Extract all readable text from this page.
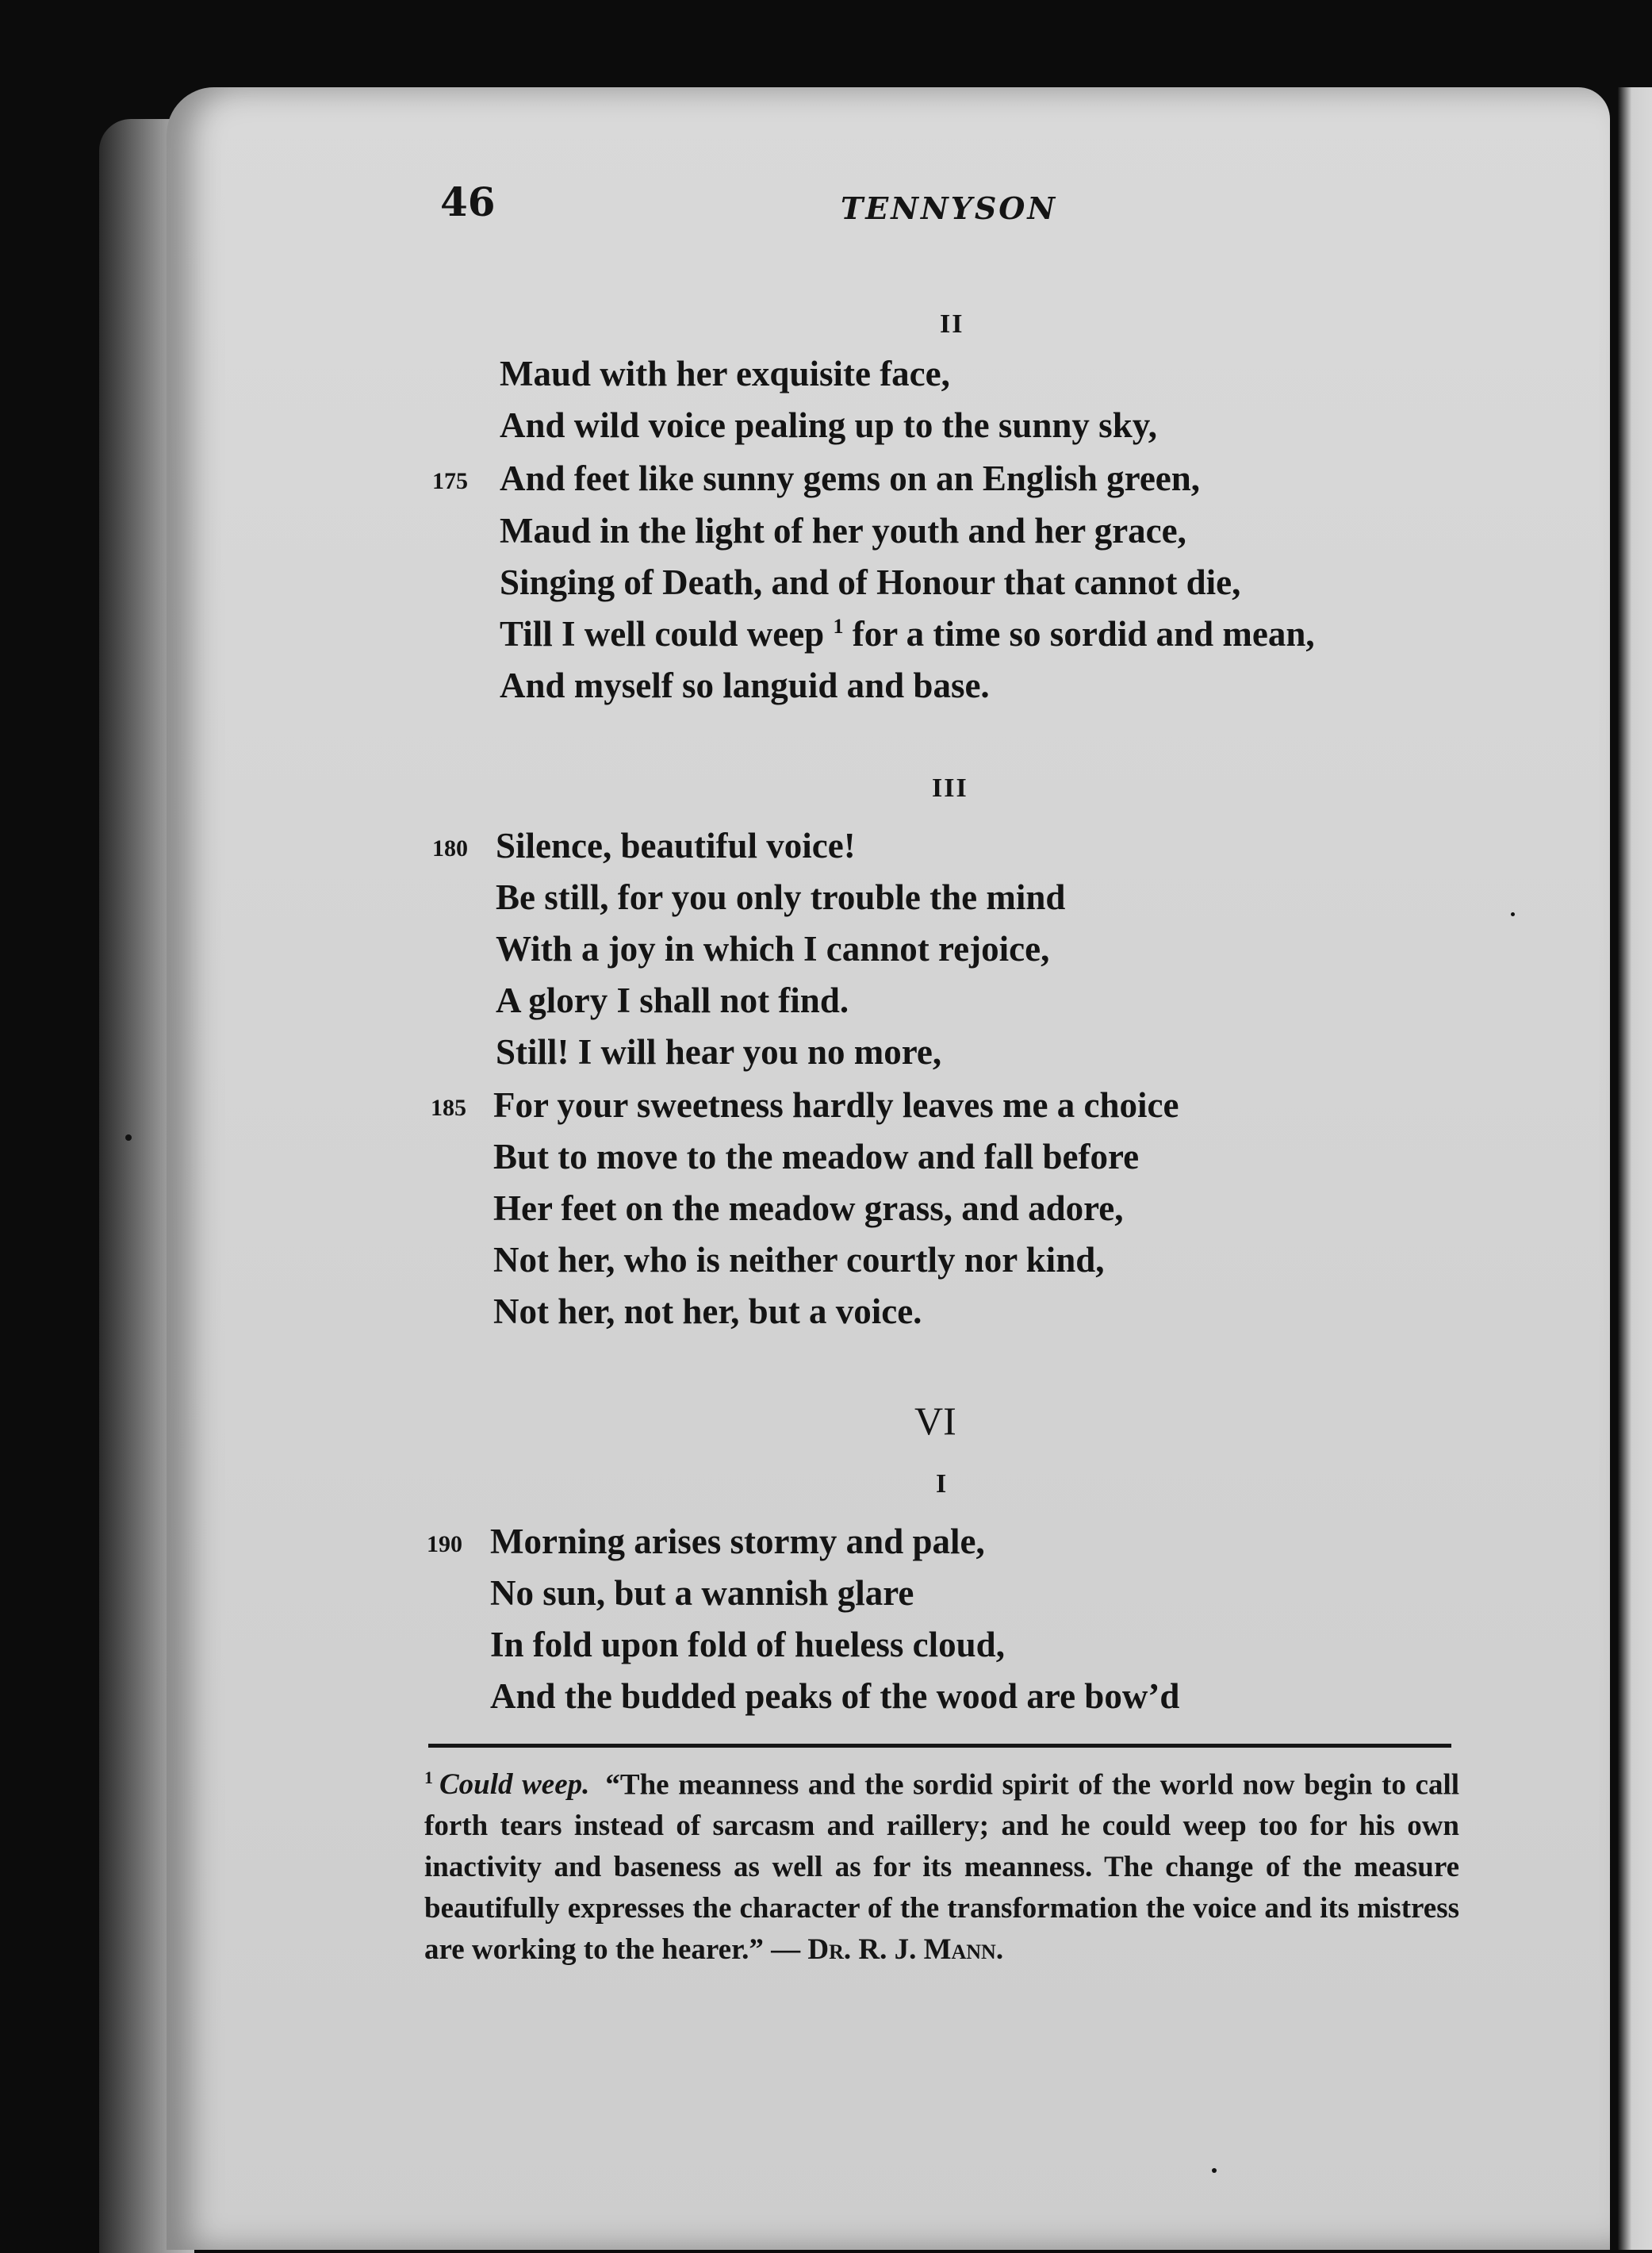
46	TENNYSON
II
Maud with her exquisite face,
And wild voice pealing up to the sunny sky,
175 And feet like sunny gems on an English green,
Maud in the light of her youth and her grace,
Singing of Death, and of Honour that cannot die,
Till I well could weep $^1$ for a time so sordid and mean,
And myself so languid and base.
III
180 Silence, beautiful voice!
Be still, for you only trouble the mind
With a joy in which I cannot rejoice,
A glory I shall not find.
Still! I will hear you no more,
185 For your sweetness hardly leaves me a choice
But to move to the meadow and fall before
Her feet on the meadow grass, and adore,
Not her, who is neither courtly nor kind,
Not her, not her, but a voice.
VI
I
190 Morning arises stormy and pale,
No sun, but a wannish glare
In fold upon fold of hueless cloud,
And the budded peaks of the wood are bow’d
$^1$ Could weep. “The meanness and the sordid spirit of the world now begin to call forth tears instead of sarcasm and raillery; and he could weep too for his own inactivity and baseness as well as for its meanness. The change of the measure beautifully expresses the character of the transformation the voice and its mistress are working to the hearer.” — Dr. R. J. Mann.
